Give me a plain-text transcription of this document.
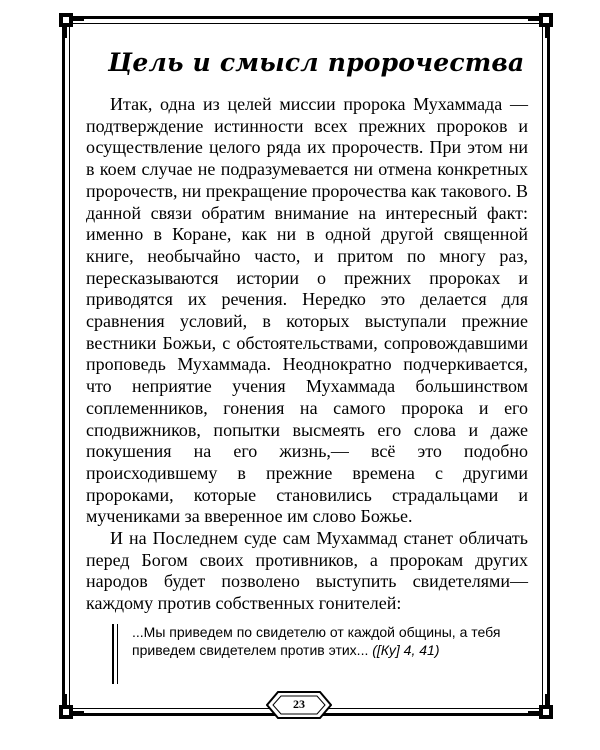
Цель и смысл пророчества

Итак, одна из целей миссии пророка Мухаммада — подтверждение истинности всех прежних пророков и осуществление целого ряда их пророчеств. При этом ни в коем случае не подразумевается ни отмена конкретных пророчеств, ни прекращение пророчества как такового. В данной связи обратим внимание на интересный факт: именно в Коране, как ни в одной другой священной книге, необычайно часто, и притом по многу раз, пересказываются истории о прежних пророках и приводятся их речения. Нередко это делается для сравнения условий, в которых выступали прежние вестники Божьи, с обстоятельствами, сопровождавшими проповедь Мухаммада. Неоднократно подчеркивается, что неприятие учения Мухаммада большинством соплеменников, гонения на самого пророка и его сподвижников, попытки высмеять его слова и даже покушения на его жизнь,— всё это подобно происходившему в прежние времена с другими пророками, которые становились страдальцами и мучениками за вверенное им слово Божье.

И на Последнем суде сам Мухаммад станет обличать перед Богом своих противников, а пророкам других народов будет позволено выступить свидетелями—каждому против собственных гонителей:

...Мы приведем по свидетелю от каждой общины, а тебя приведем свидетелем против этих... ([Ку] 4, 41)
23
